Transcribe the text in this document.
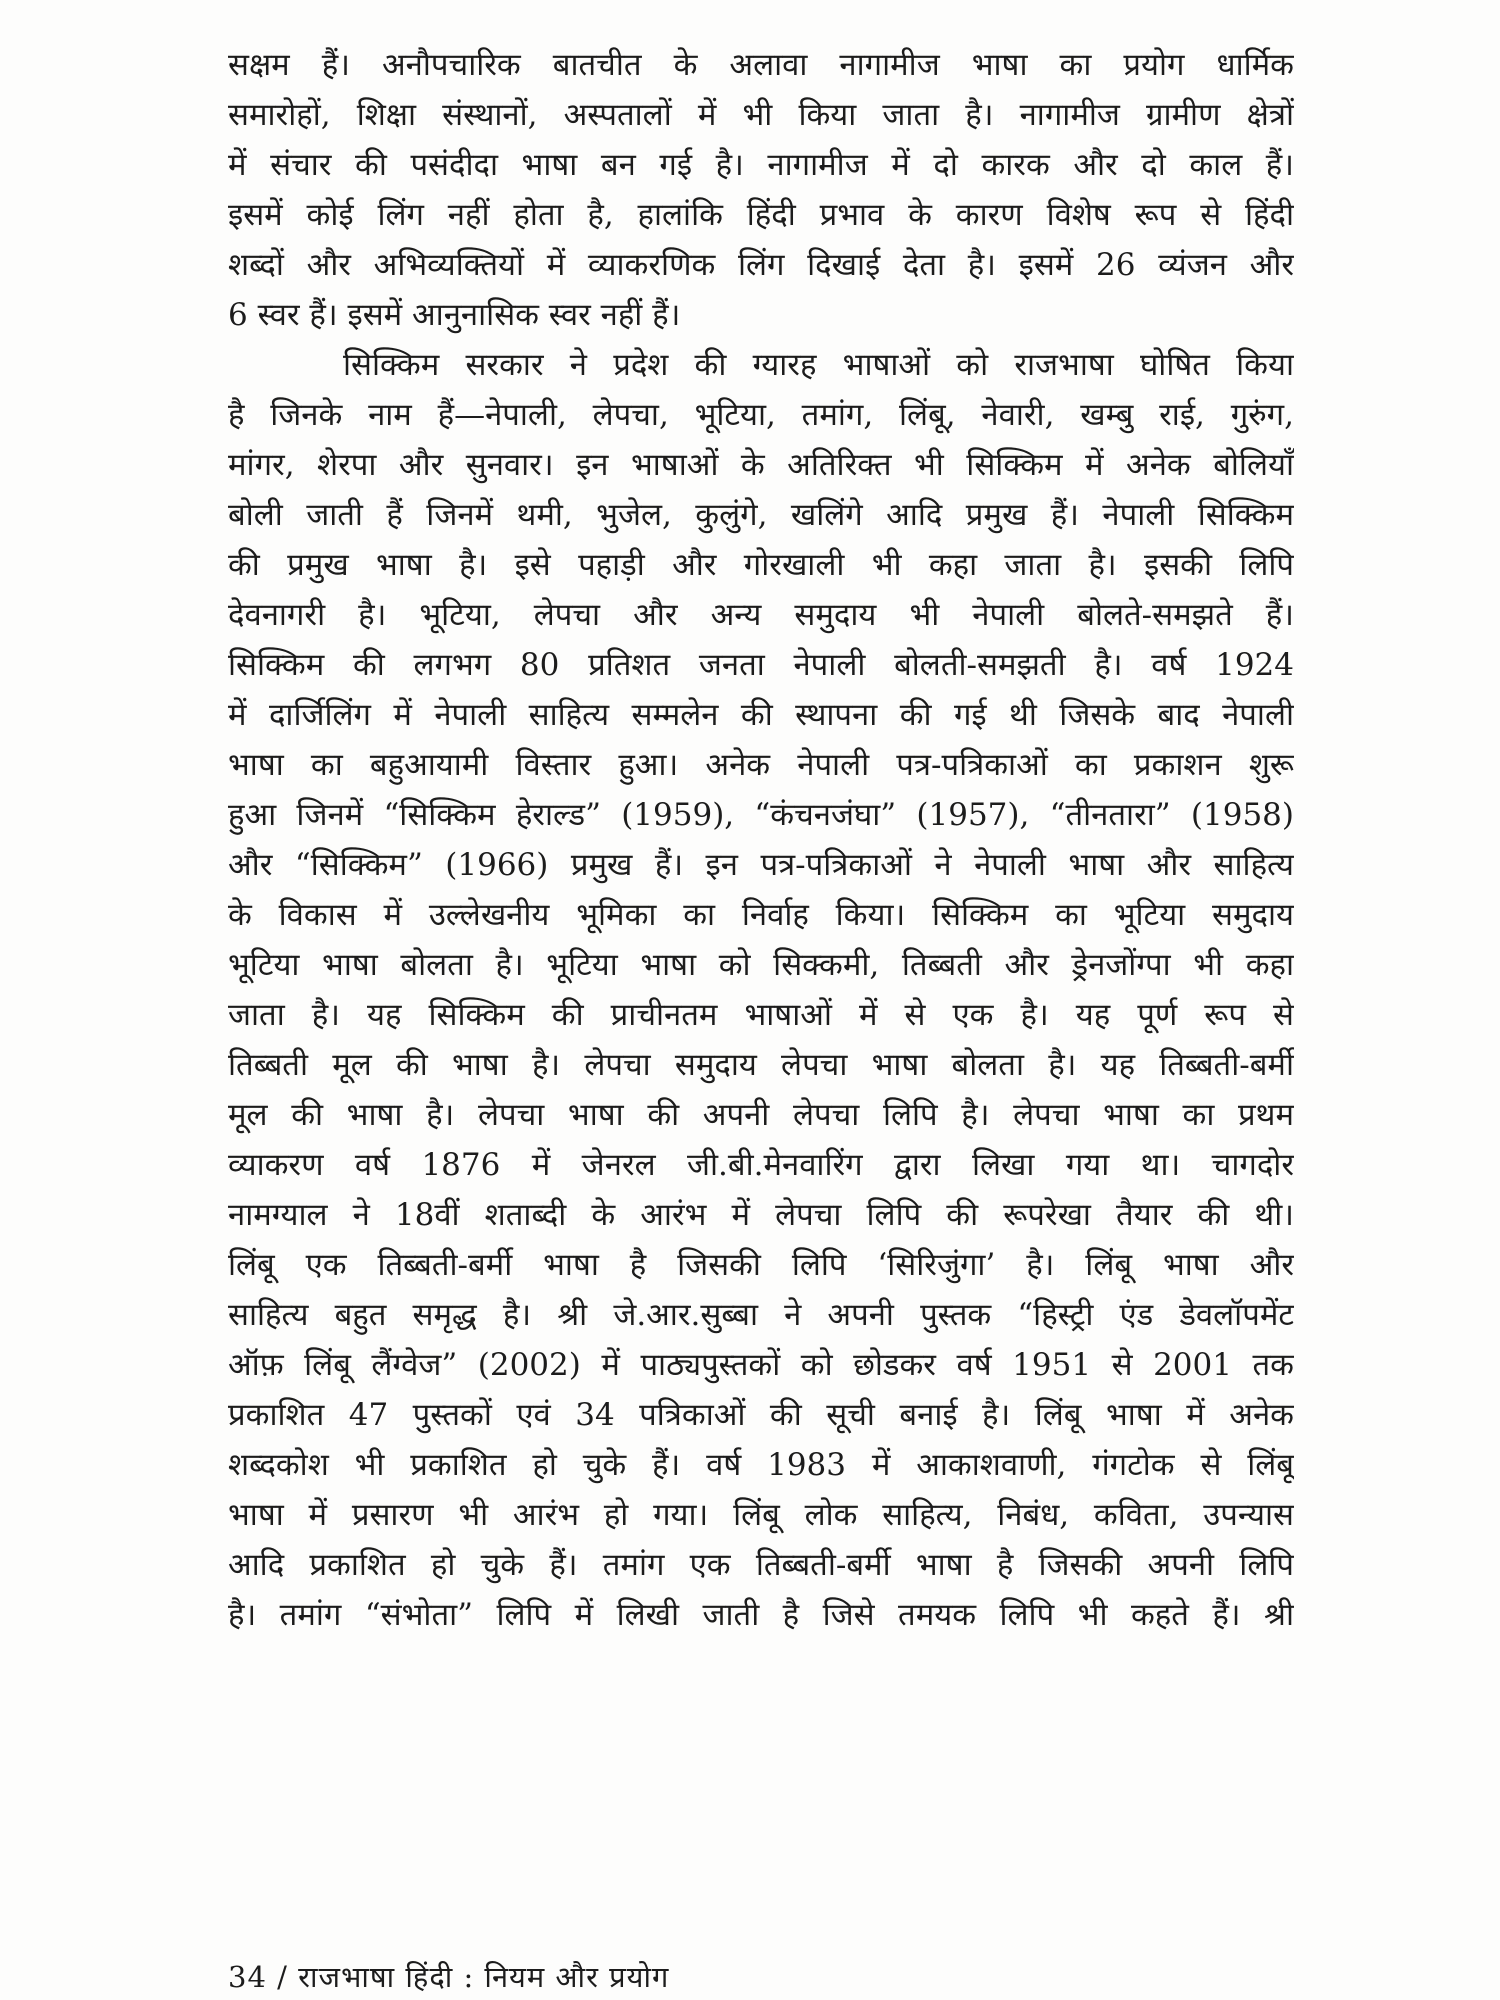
सक्षम हैं। अनौपचारिक बातचीत के अलावा नागामीज भाषा का प्रयोग धार्मिक
समारोहों, शिक्षा संस्थानों, अस्पतालों में भी किया जाता है। नागामीज ग्रामीण क्षेत्रों
में संचार की पसंदीदा भाषा बन गई है। नागामीज में दो कारक और दो काल हैं।
इसमें कोई लिंग नहीं होता है, हालांकि हिंदी प्रभाव के कारण विशेष रूप से हिंदी
शब्दों और अभिव्यक्तियों में व्याकरणिक लिंग दिखाई देता है। इसमें 26 व्यंजन और
6 स्वर हैं। इसमें आनुनासिक स्वर नहीं हैं।
सिक्किम सरकार ने प्रदेश की ग्यारह भाषाओं को राजभाषा घोषित किया
है जिनके नाम हैं—नेपाली, लेपचा, भूटिया, तमांग, लिंबू, नेवारी, खम्बु राई, गुरुंग,
मांगर, शेरपा और सुनवार। इन भाषाओं के अतिरिक्त भी सिक्किम में अनेक बोलियाँ
बोली जाती हैं जिनमें थमी, भुजेल, कुलुंगे, खलिंगे आदि प्रमुख हैं। नेपाली सिक्किम
की प्रमुख भाषा है। इसे पहाड़ी और गोरखाली भी कहा जाता है। इसकी लिपि
देवनागरी है। भूटिया, लेपचा और अन्य समुदाय भी नेपाली बोलते-समझते हैं।
सिक्किम की लगभग 80 प्रतिशत जनता नेपाली बोलती-समझती है। वर्ष 1924
में दार्जिलिंग में नेपाली साहित्य सम्मलेन की स्थापना की गई थी जिसके बाद नेपाली
भाषा का बहुआयामी विस्तार हुआ। अनेक नेपाली पत्र-पत्रिकाओं का प्रकाशन शुरू
हुआ जिनमें “सिक्किम हेराल्ड” (1959), “कंचनजंघा” (1957), “तीनतारा” (1958)
और “सिक्किम” (1966) प्रमुख हैं। इन पत्र-पत्रिकाओं ने नेपाली भाषा और साहित्य
के विकास में उल्लेखनीय भूमिका का निर्वाह किया। सिक्किम का भूटिया समुदाय
भूटिया भाषा बोलता है। भूटिया भाषा को सिक्कमी, तिब्बती और ड्रेनजोंग्पा भी कहा
जाता है। यह सिक्किम की प्राचीनतम भाषाओं में से एक है। यह पूर्ण रूप से
तिब्बती मूल की भाषा है। लेपचा समुदाय लेपचा भाषा बोलता है। यह तिब्बती-बर्मी
मूल की भाषा है। लेपचा भाषा की अपनी लेपचा लिपि है। लेपचा भाषा का प्रथम
व्याकरण वर्ष 1876 में जेनरल जी.बी.मेनवारिंग द्वारा लिखा गया था। चागदोर
नामग्याल ने 18वीं शताब्दी के आरंभ में लेपचा लिपि की रूपरेखा तैयार की थी।
लिंबू एक तिब्बती-बर्मी भाषा है जिसकी लिपि ‘सिरिजुंगा’ है। लिंबू भाषा और
साहित्य बहुत समृद्ध है। श्री जे.आर.सुब्बा ने अपनी पुस्तक “हिस्ट्री एंड डेवलॉपमेंट
ऑफ़ लिंबू लैंग्वेज” (2002) में पाठ्यपुस्तकों को छोडकर वर्ष 1951 से 2001 तक
प्रकाशित 47 पुस्तकों एवं 34 पत्रिकाओं की सूची बनाई है। लिंबू भाषा में अनेक
शब्दकोश भी प्रकाशित हो चुके हैं। वर्ष 1983 में आकाशवाणी, गंगटोक से लिंबू
भाषा में प्रसारण भी आरंभ हो गया। लिंबू लोक साहित्य, निबंध, कविता, उपन्यास
आदि प्रकाशित हो चुके हैं। तमांग एक तिब्बती-बर्मी भाषा है जिसकी अपनी लिपि
है। तमांग “संभोता” लिपि में लिखी जाती है जिसे तमयक लिपि भी कहते हैं। श्री
34 / राजभाषा हिंदी : नियम और प्रयोग
